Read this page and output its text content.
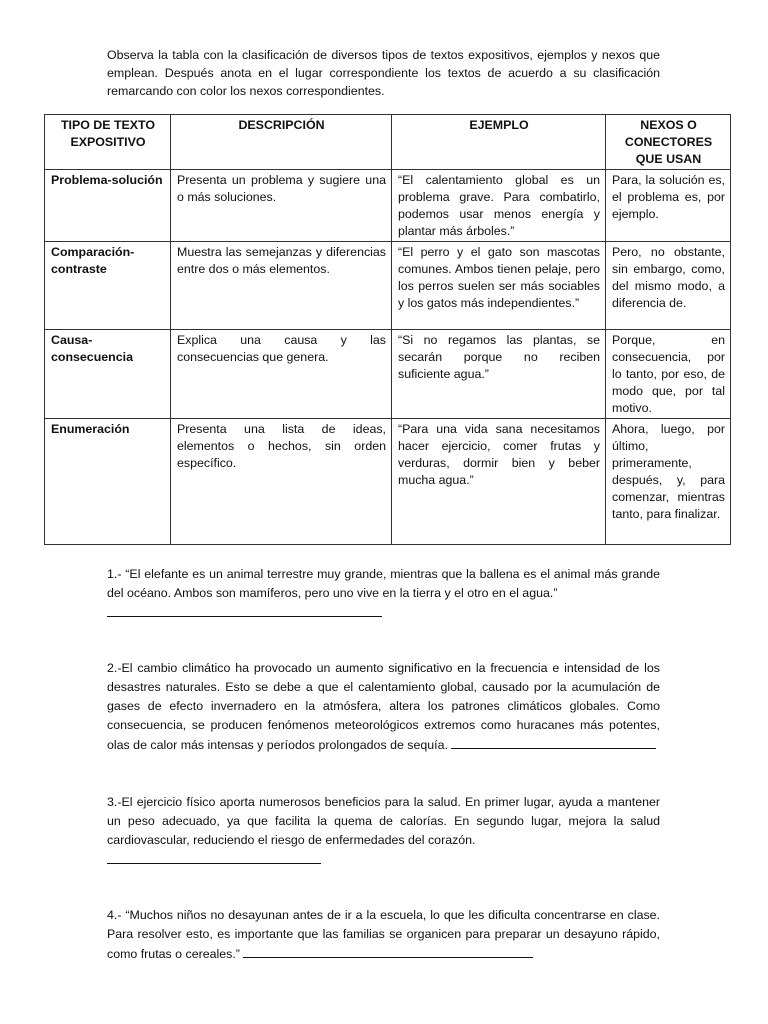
Observa la tabla con la clasificación de diversos tipos de textos expositivos, ejemplos y nexos que emplean. Después anota en el lugar correspondiente los textos de acuerdo a su clasificación remarcando con color los nexos correspondientes.

TIPO DE TEXTO EXPOSITIVO	DESCRIPCIÓN	EJEMPLO	NEXOS O CONECTORES QUE USAN
Problema-solución	Presenta un problema y sugiere una o más soluciones.	“El calentamiento global es un problema grave. Para combatirlo, podemos usar menos energía y plantar más árboles.”	Para, la solución es, el problema es, por ejemplo.
Comparación-contraste	Muestra las semejanzas y diferencias entre dos o más elementos.	“El perro y el gato son mascotas comunes. Ambos tienen pelaje, pero los perros suelen ser más sociables y los gatos más independientes.”	Pero, no obstante, sin embargo, como, del mismo modo, a diferencia de.
Causa-consecuencia	Explica una causa y las consecuencias que genera.	“Si no regamos las plantas, se secarán porque no reciben suficiente agua.”	Porque, en consecuencia, por lo tanto, por eso, de modo que, por tal motivo.
Enumeración	Presenta una lista de ideas, elementos o hechos, sin orden específico.	“Para una vida sana necesitamos hacer ejercicio, comer frutas y verduras, dormir bien y beber mucha agua.”	Ahora, luego, por último, primeramente, después, y, para comenzar, mientras tanto, para finalizar.
1.- “El elefante es un animal terrestre muy grande, mientras que la ballena es el animal más grande del océano. Ambos son mamíferos, pero uno vive en la tierra y el otro en el agua.”

2.-El cambio climático ha provocado un aumento significativo en la frecuencia e intensidad de los desastres naturales. Esto se debe a que el calentamiento global, causado por la acumulación de gases de efecto invernadero en la atmósfera, altera los patrones climáticos globales. Como consecuencia, se producen fenómenos meteorológicos extremos como huracanes más potentes, olas de calor más intensas y períodos prolongados de sequía.
3.-El ejercicio físico aporta numerosos beneficios para la salud. En primer lugar, ayuda a mantener un peso adecuado, ya que facilita la quema de calorías. En segundo lugar, mejora la salud cardiovascular, reduciendo el riesgo de enfermedades del corazón.

4.- “Muchos niños no desayunan antes de ir a la escuela, lo que les dificulta concentrarse en clase. Para resolver esto, es importante que las familias se organicen para preparar un desayuno rápido, como frutas o cereales.”
